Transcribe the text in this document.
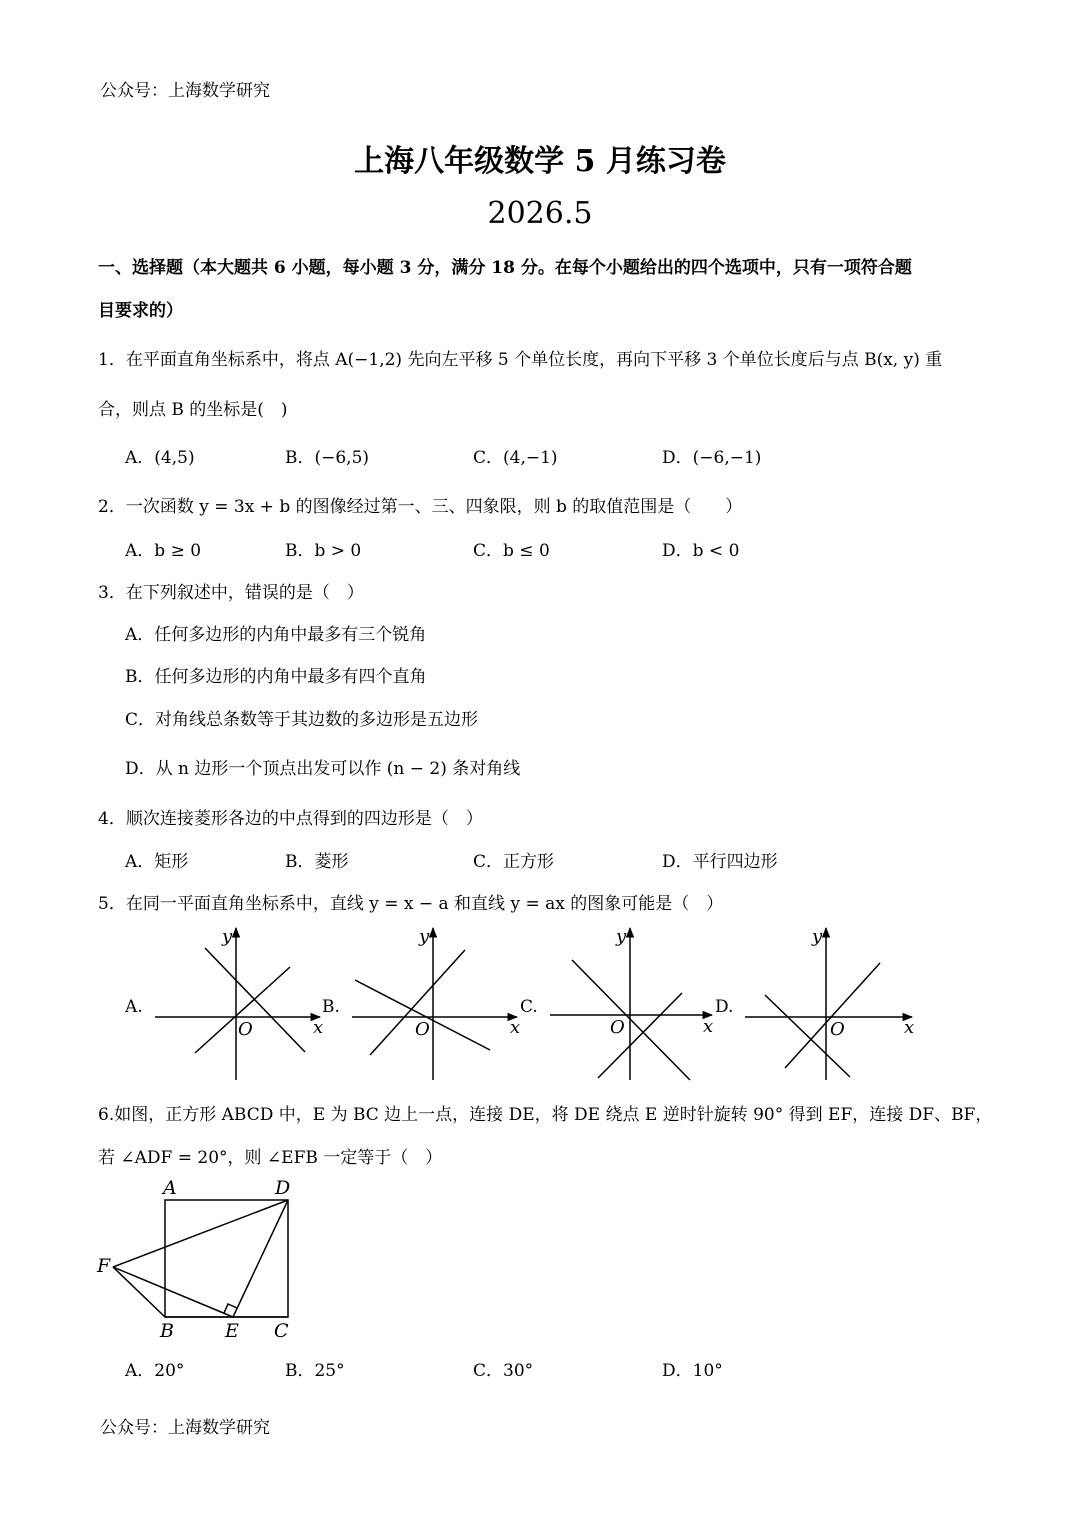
公众号：上海数学研究
上海八年级数学 5 月练习卷
2026.5
一、选择题（本大题共 6 小题，每小题 3 分，满分 18 分。在每个小题给出的四个选项中，只有一项符合题
目要求的）
1．在平面直角坐标系中，将点 A(−1,2) 先向左平移 5 个单位长度，再向下平移 3 个单位长度后与点 B(x, y) 重
合，则点 B 的坐标是(　)
A．(4,5)	B．(−6,5)	C．(4,−1)	D．(−6,−1)
2．一次函数 y = 3x + b 的图像经过第一、三、四象限，则 b 的取值范围是（　　）
A．b ≥ 0	B．b > 0	C．b ≤ 0	D．b < 0
3．在下列叙述中，错误的是（　）
A．任何多边形的内角中最多有三个锐角
B．任何多边形的内角中最多有四个直角
C．对角线总条数等于其边数的多边形是五边形
D．从 n 边形一个顶点出发可以作 (n − 2) 条对角线
4．顺次连接菱形各边的中点得到的四边形是（　）
A．矩形	B．菱形	C．正方形	D．平行四边形
5．在同一平面直角坐标系中，直线 y = x − a 和直线 y = ax 的图象可能是（　）
A.	B.	C.	D.
y
x
O
y
x
O
y
x
O
y
x
O
6.如图，正方形 ABCD 中，E 为 BC 边上一点，连接 DE，将 DE 绕点 E 逆时针旋转 90° 得到 EF，连接 DF、BF，
若 ∠ADF = 20°，则 ∠EFB 一定等于（　）
A	D
F
B	E C
A．20°	B．25°	C．30°	D．10°
公众号：上海数学研究
